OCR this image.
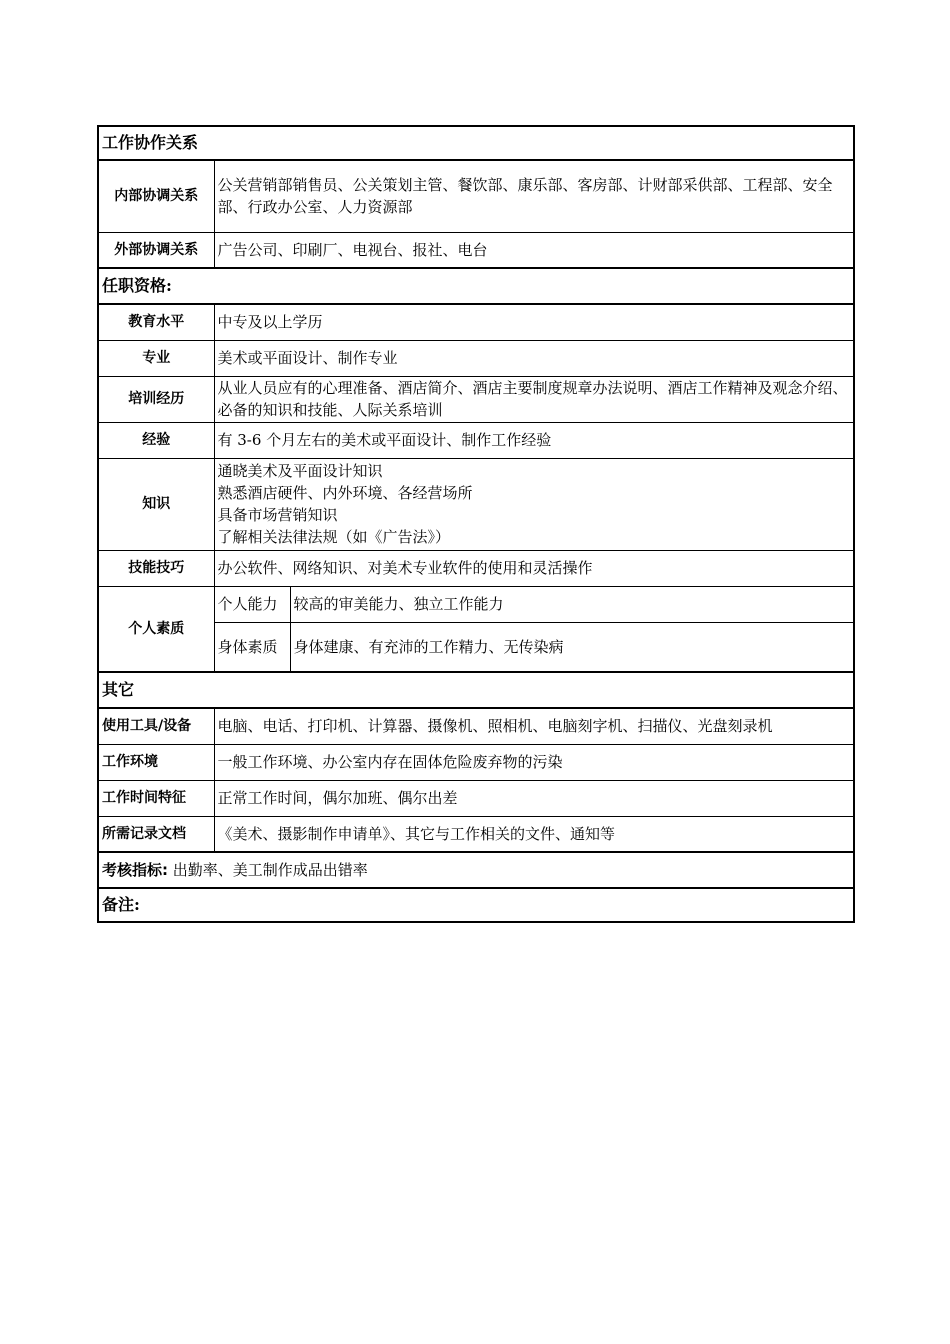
工作协作关系		
内部协调关系	公关营销部销售员、公关策划主管、餐饮部、康乐部、客房部、计财部采供部、工程部、安全部、行政办公室、人力资源部	
外部协调关系	广告公司、印刷厂、电视台、报社、电台	
任职资格:		
教育水平	中专及以上学历	
专业	美术或平面设计、制作专业	
培训经历	从业人员应有的心理准备、酒店简介、酒店主要制度规章办法说明、酒店工作精神及观念介绍、必备的知识和技能、人际关系培训	
经验	有 3-6 个月左右的美术或平面设计、制作工作经验	
知识	通晓美术及平面设计知识
熟悉酒店硬件、内外环境、各经营场所
具备市场营销知识
了解相关法律法规（如《广告法》）	

技能技巧	办公软件、网络知识、对美术专业软件的使用和灵活操作	
个人素质	个人能力	较高的审美能力、独立工作能力
	身体素质	身体建康、有充沛的工作精力、无传染病
其它		
使用工具/设备	电脑、电话、打印机、计算器、摄像机、照相机、电脑刻字机、扫描仪、光盘刻录机	
工作环境	一般工作环境、办公室内存在固体危险废弃物的污染	
工作时间特征	正常工作时间，偶尔加班、偶尔出差	
所需记录文档	《美术、摄影制作申请单》、其它与工作相关的文件、通知等	
考核指标: 出勤率、美工制作成品出错率		
备注:		
